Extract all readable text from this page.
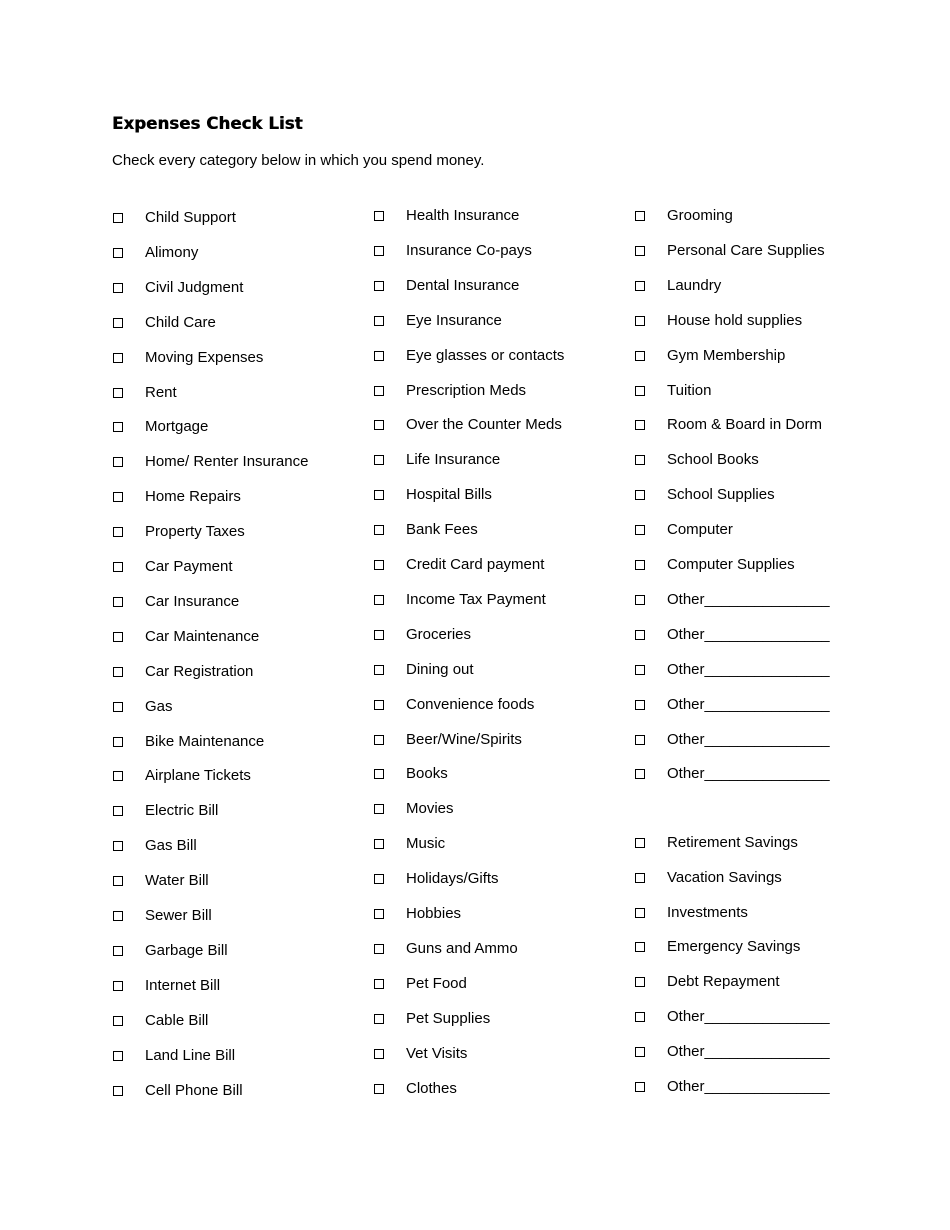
Expenses Check List
Check every category below in which you spend money.
Child Support
Alimony
Civil Judgment
Child Care
Moving Expenses
Rent
Mortgage
Home/ Renter Insurance
Home Repairs
Property Taxes
Car Payment
Car Insurance
Car Maintenance
Car Registration
Gas
Bike Maintenance
Airplane Tickets
Electric Bill
Gas Bill
Water Bill
Sewer Bill
Garbage Bill
Internet Bill
Cable Bill
Land Line Bill
Cell Phone Bill
Health Insurance
Insurance Co-pays
Dental Insurance
Eye Insurance
Eye glasses or contacts
Prescription Meds
Over the Counter Meds
Life Insurance
Hospital Bills
Bank Fees
Credit Card payment
Income Tax Payment
Groceries
Dining out
Convenience foods
Beer/Wine/Spirits
Books
Movies
Music
Holidays/Gifts
Hobbies
Guns and Ammo
Pet Food
Pet Supplies
Vet Visits
Clothes
Grooming
Personal Care Supplies
Laundry
House hold supplies
Gym Membership
Tuition
Room & Board in Dorm
School Books
School Supplies
Computer
Computer Supplies
Other_______________
Other_______________
Other_______________
Other_______________
Other_______________
Other_______________
Retirement Savings
Vacation Savings
Investments
Emergency Savings
Debt Repayment
Other_______________
Other_______________
Other_______________
